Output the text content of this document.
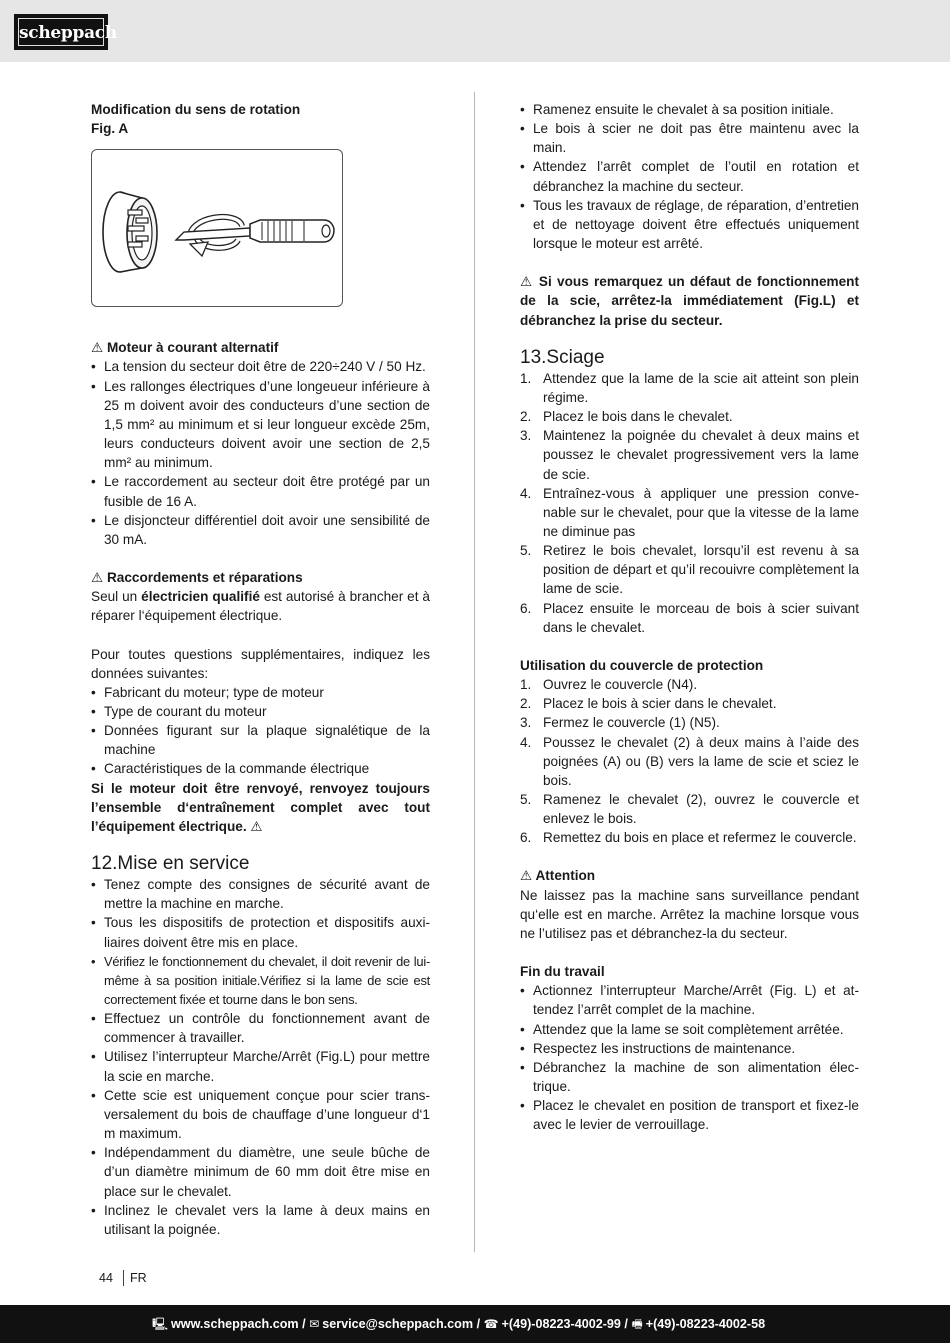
scheppach

Modification du sens de rotation

Fig. A

⚠ Moteur à courant alternatif

• La tension du secteur doit être de 220÷240 V / 50 Hz.
• Les rallonges électriques d’une longeueur inférieure à 25 m doivent avoir des conducteurs d’une section de 1,5 mm² au minimum et si leur longueur excède 25m, leurs conducteurs doivent avoir une section de 2,5 mm² au minimum.
• Le raccordement au secteur doit être protégé par un fusible de 16 A.
• Le disjoncteur différentiel doit avoir une sensibilité de 30 mA.

⚠ Raccordements et réparations

Seul un électricien qualifié est autorisé à brancher et à réparer l‘équipement électrique.

Pour toutes questions supplémentaires, indiquez les données suivantes:

• Fabricant du moteur; type de moteur
• Type de courant du moteur
• Données figurant sur la plaque signalétique de la machine
• Caractéristiques de la commande électrique

Si le moteur doit être renvoyé, renvoyez toujours l’ensemble d‘entraînement complet avec tout l’équipement électrique. ⚠

12.Mise en service
• Tenez compte des consignes de sécurité avant de mettre la machine en marche.
• Tous les dispositifs de protection et dispositifs auxiliaires doivent être mis en place.
• Vérifiez le fonctionnement du chevalet, il doit revenir de lui-même à sa position initiale.Vérifiez si la lame de scie est correctement fixée et tourne dans le bon sens.
• Effectuez un contrôle du fonctionnement avant de commencer à travailler.
• Utilisez l’interrupteur Marche/Arrêt (Fig.L) pour mettre la scie en marche.
• Cette scie est uniquement conçue pour scier transversalement du bois de chauffage d’une longueur d‘1 m maximum.
• Indépendamment du diamètre, une seule bûche de d’un diamètre minimum de 60 mm doit être mise en place sur le chevalet.
• Inclinez le chevalet vers la lame à deux mains en utilisant la poignée.
• Ramenez ensuite le chevalet à sa position initiale.
• Le bois à scier ne doit pas être maintenu avec la main.
• Attendez l’arrêt complet de l’outil en rotation et débranchez la machine du secteur.
• Tous les travaux de réglage, de réparation, d’entretien et de nettoyage doivent être effectués uniquement lorsque le moteur est arrêté.

⚠ Si vous remarquez un défaut de fonctionnement de la scie, arrêtez-la immédiatement (Fig.L) et débranchez la prise du secteur.

13.Sciage
1. Attendez que la lame de la scie ait atteint son plein régime.
2. Placez le bois dans le chevalet.
3. Maintenez la poignée du chevalet à deux mains et poussez le chevalet progressivement vers la lame de scie.
4. Entraînez-vous à appliquer une pression convenable sur le chevalet, pour que la vitesse de la lame ne diminue pas
5. Retirez le bois chevalet, lorsqu’il est revenu à sa position de départ et qu’il recouivre complètement la lame de scie.
6. Placez ensuite le morceau de bois à scier suivant dans le chevalet.

Utilisation du couvercle de protection

1. Ouvrez le couvercle (N4).
2. Placez le bois à scier dans le chevalet.
3. Fermez le couvercle (1) (N5).
4. Poussez le chevalet (2) à deux mains à l’aide des poignées (A) ou (B) vers la lame de scie et sciez le bois.
5. Ramenez le chevalet (2), ouvrez le couvercle et enlevez le bois.
6. Remettez du bois en place et refermez le couvercle.

⚠ Attention

Ne laissez pas la machine sans surveillance pendant qu‘elle est en marche. Arrêtez la machine lorsque vous ne l’utilisez pas et débranchez-la du secteur.

Fin du travail

• Actionnez l’interrupteur Marche/Arrêt (Fig. L) et attendez l’arrêt complet de la machine.
• Attendez que la lame se soit complètement arrêtée.
• Respectez les instructions de maintenance.
• Débranchez la machine de son alimentation électrique.
• Placez le chevalet en position de transport et fixez-le avec le levier de verrouillage.
44 FR
🖳 www.scheppach.com / ✉ service@scheppach.com / ☎ +(49)-08223-4002-99 / 🖷 +(49)-08223-4002-58
